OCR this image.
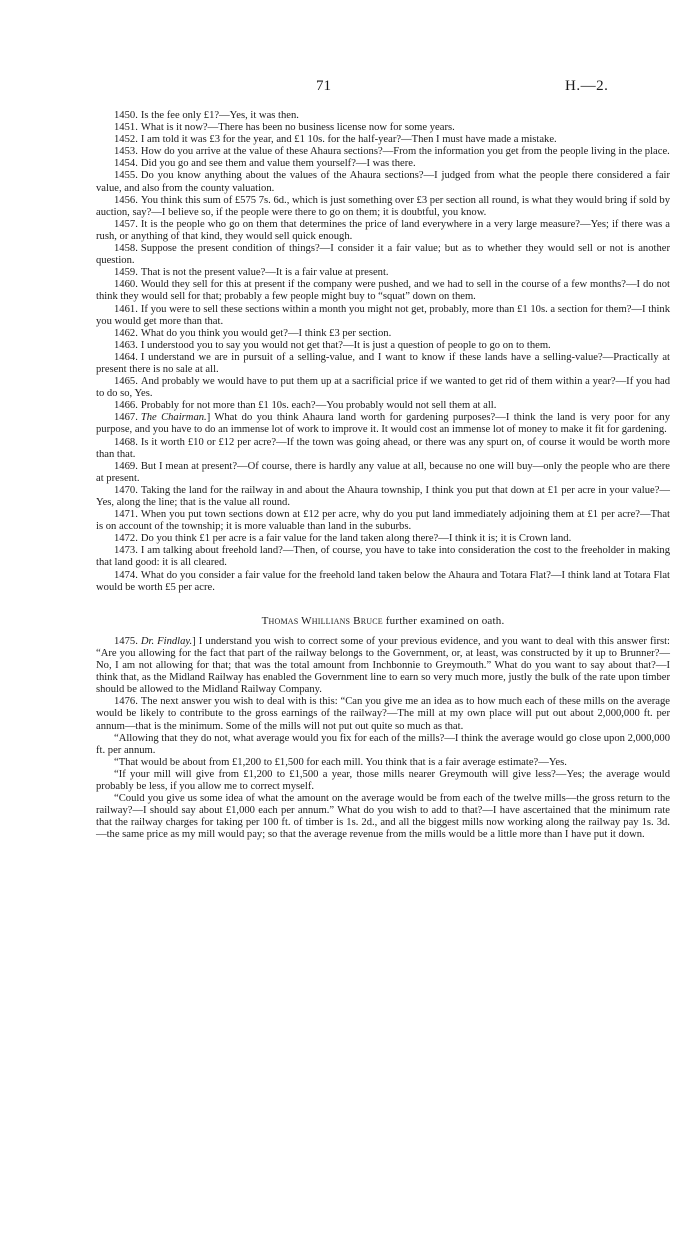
71	H.—2.

1450. Is the fee only £1?—Yes, it was then.

1451. What is it now?—There has been no business license now for some years.

1452. I am told it was £3 for the year, and £1 10s. for the half-year?—Then I must have made a mistake.

1453. How do you arrive at the value of these Ahaura sections?—From the information you get from the people living in the place.

1454. Did you go and see them and value them yourself?—I was there.

1455. Do you know anything about the values of the Ahaura sections?—I judged from what the people there considered a fair value, and also from the county valuation.

1456. You think this sum of £575 7s. 6d., which is just something over £3 per section all round, is what they would bring if sold by auction, say?—I believe so, if the people were there to go on them; it is doubtful, you know.

1457. It is the people who go on them that determines the price of land everywhere in a very large measure?—Yes; if there was a rush, or anything of that kind, they would sell quick enough.

1458. Suppose the present condition of things?—I consider it a fair value; but as to whether they would sell or not is another question.

1459. That is not the present value?—It is a fair value at present.

1460. Would they sell for this at present if the company were pushed, and we had to sell in the course of a few months?—I do not think they would sell for that; probably a few people might buy to “squat” down on them.

1461. If you were to sell these sections within a month you might not get, probably, more than £1 10s. a section for them?—I think you would get more than that.

1462. What do you think you would get?—I think £3 per section.

1463. I understood you to say you would not get that?—It is just a question of people to go on to them.

1464. I understand we are in pursuit of a selling-value, and I want to know if these lands have a selling-value?—Practically at present there is no sale at all.

1465. And probably we would have to put them up at a sacrificial price if we wanted to get rid of them within a year?—If you had to do so, Yes.

1466. Probably for not more than £1 10s. each?—You probably would not sell them at all.

1467. The Chairman.] What do you think Ahaura land worth for gardening purposes?—I think the land is very poor for any purpose, and you have to do an immense lot of work to improve it. It would cost an immense lot of money to make it fit for gardening.

1468. Is it worth £10 or £12 per acre?—If the town was going ahead, or there was any spurt on, of course it would be worth more than that.

1469. But I mean at present?—Of course, there is hardly any value at all, because no one will buy—only the people who are there at present.

1470. Taking the land for the railway in and about the Ahaura township, I think you put that down at £1 per acre in your value?—Yes, along the line; that is the value all round.

1471. When you put town sections down at £12 per acre, why do you put land immediately adjoining them at £1 per acre?—That is on account of the township; it is more valuable than land in the suburbs.

1472. Do you think £1 per acre is a fair value for the land taken along there?—I think it is; it is Crown land.

1473. I am talking about freehold land?—Then, of course, you have to take into consideration the cost to the freeholder in making that land good: it is all cleared.

1474. What do you consider a fair value for the freehold land taken below the Ahaura and Totara Flat?—I think land at Totara Flat would be worth £5 per acre.

Thomas Whillians Bruce further examined on oath.

1475. Dr. Findlay.] I understand you wish to correct some of your previous evidence, and you want to deal with this answer first: “Are you allowing for the fact that part of the railway belongs to the Government, or, at least, was constructed by it up to Brunner?—No, I am not allowing for that; that was the total amount from Inchbonnie to Greymouth.” What do you want to say about that?—I think that, as the Midland Railway has enabled the Government line to earn so very much more, justly the bulk of the rate upon timber should be allowed to the Midland Railway Company.

1476. The next answer you wish to deal with is this: “Can you give me an idea as to how much each of these mills on the average would be likely to contribute to the gross earnings of the railway?—The mill at my own place will put out about 2,000,000 ft. per annum—that is the minimum. Some of the mills will not put out quite so much as that.

“Allowing that they do not, what average would you fix for each of the mills?—I think the average would go close upon 2,000,000 ft. per annum.

“That would be about from £1,200 to £1,500 for each mill. You think that is a fair average estimate?—Yes.

“If your mill will give from £1,200 to £1,500 a year, those mills nearer Greymouth will give less?—Yes; the average would probably be less, if you allow me to correct myself.

“Could you give us some idea of what the amount on the average would be from each of the twelve mills—the gross return to the railway?—I should say about £1,000 each per annum.” What do you wish to add to that?—I have ascertained that the minimum rate that the railway charges for taking per 100 ft. of timber is 1s. 2d., and all the biggest mills now working along the railway pay 1s. 3d.—the same price as my mill would pay; so that the average revenue from the mills would be a little more than I have put it down.
